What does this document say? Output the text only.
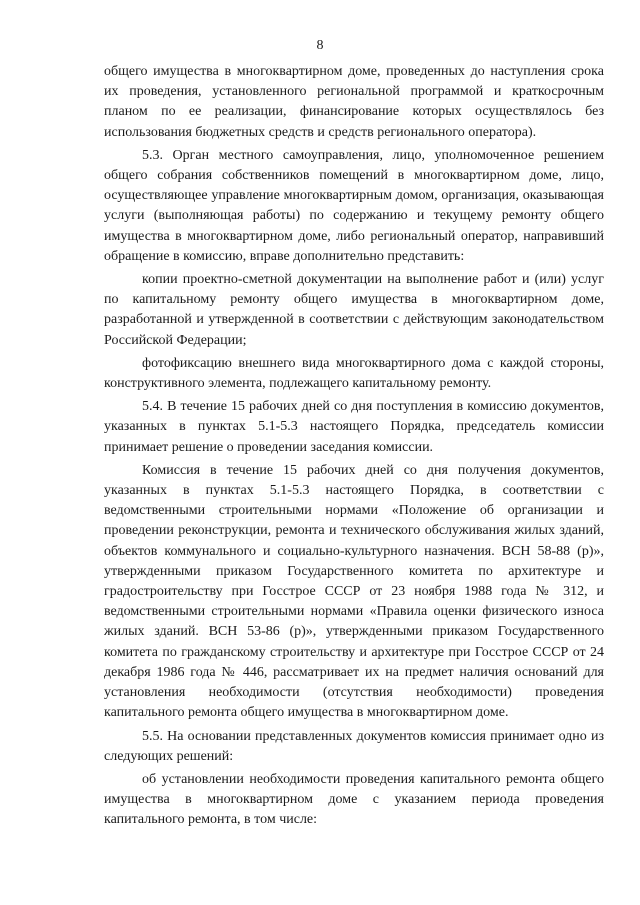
8

общего имущества в многоквартирном доме, проведенных до наступления срока их проведения, установленного региональной программой и краткосрочным планом по ее реализации, финансирование которых осуществлялось без использования бюджетных средств и средств регионального оператора).

5.3. Орган местного самоуправления, лицо, уполномоченное решением общего собрания собственников помещений в многоквартирном доме, лицо, осуществляющее управление многоквартирным домом, организация, оказывающая услуги (выполняющая работы) по содержанию и текущему ремонту общего имущества в многоквартирном доме, либо региональный оператор, направивший обращение в комиссию, вправе дополнительно представить:

копии проектно-сметной документации на выполнение работ и (или) услуг по капитальному ремонту общего имущества в многоквартирном доме, разработанной и утвержденной в соответствии с действующим законодательством Российской Федерации;

фотофиксацию внешнего вида многоквартирного дома с каждой стороны, конструктивного элемента, подлежащего капитальному ремонту.

5.4. В течение 15 рабочих дней со дня поступления в комиссию документов, указанных в пунктах 5.1-5.3 настоящего Порядка, председатель комиссии принимает решение о проведении заседания комиссии.

Комиссия в течение 15 рабочих дней со дня получения документов, указанных в пунктах 5.1-5.3 настоящего Порядка, в соответствии с ведомственными строительными нормами «Положение об организации и проведении реконструкции, ремонта и технического обслуживания жилых зданий, объектов коммунального и социально-культурного назначения. ВСН 58-88 (р)», утвержденными приказом Государственного комитета по архитектуре и градостроительству при Госстрое СССР от 23 ноября 1988 года № 312, и ведомственными строительными нормами «Правила оценки физического износа жилых зданий. ВСН 53-86 (р)», утвержденными приказом Государственного комитета по гражданскому строительству и архитектуре при Госстрое СССР от 24 декабря 1986 года № 446, рассматривает их на предмет наличия оснований для установления необходимости (отсутствия необходимости) проведения капитального ремонта общего имущества в многоквартирном доме.

5.5. На основании представленных документов комиссия принимает одно из следующих решений:

об установлении необходимости проведения капитального ремонта общего имущества в многоквартирном доме с указанием периода проведения капитального ремонта, в том числе:
